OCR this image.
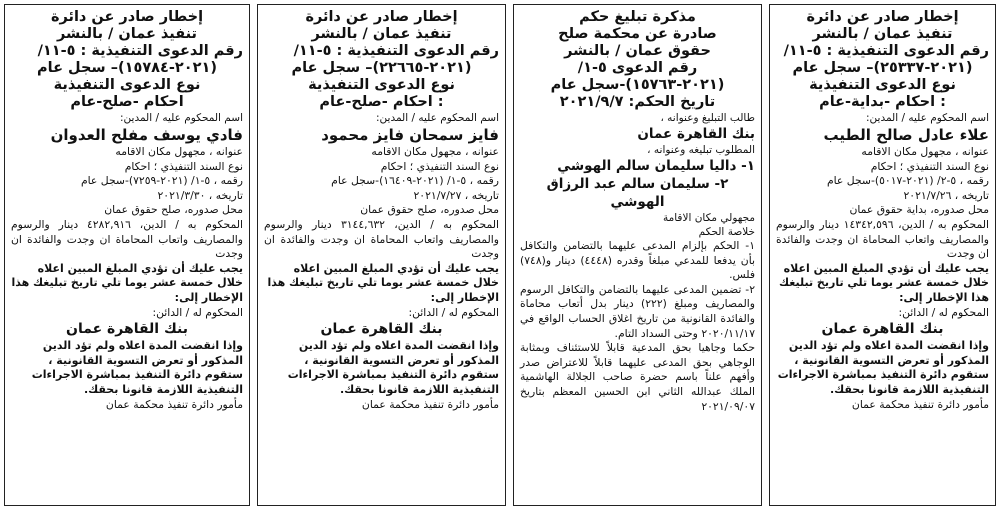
إخطار صادر عن دائرة
تنفيذ عمان / بالنشر
رقم الدعوى التنفيذية : ٥-١١/
(٢٠٢١-٢٥٣٣٧)– سجل عام
نوع الدعوى التنفيذية
: احكام -بداية-عام
اسم المحكوم عليه / المدين:
علاء عادل صالح الطيب
عنوانه ، مجهول مكان الاقامه
نوع السند التنفيذي ؛ احكام
رقمه ، ٥-٢/ (٢٠٢١-٥٠١٧)-سجل عام
تاريخه ، ٢٠٢١/٧/٢٦
محل صدوره، بداية حقوق عمان
المحكوم به / الدين، ١٤٣٤٢,٥٩٦ دينار والرسوم والمصاريف واتعاب المحاماة ان وجدت والفائدة ان وجدت
يجب عليك أن تؤدي المبلغ المبين اعلاه خلال خمسة عشر يوما تلي تاريخ تبليغك هذا الإخطار إلى:
المحكوم له / الدائن:
بنك القاهرة عمان
وإذا انقضت المدة اعلاه ولم تؤد الدين المذكور أو تعرض التسوية القانونية ، ستقوم دائرة التنفيذ بمباشرة الاجراءات التنفيذية اللازمة قانونا بحقك.
مأمور دائرة تنفيذ محكمة عمان
مذكرة تبليغ حكم
صادرة عن محكمة صلح
حقوق عمان / بالنشر
رقم الدعوى ٥-١/
(٢٠٢١-١٥٧٦٣)-سجل عام
تاريخ الحكم: ٢٠٢١/٩/٧
طالب التبليغ وعنوانه ،
بنك القاهرة عمان
المطلوب تبليغه وعنوانه ،
١- داليا سليمان سالم الهوشي
٢- سليمان سالم عبد الرزاق الهوشي
مجهولي مكان الاقامة
خلاصة الحكم
١- الحكم بإلزام المدعى عليهما بالتضامن والتكافل بأن يدفعا للمدعي مبلغاً وقدره (٤٤٤٨) دينار و(٧٤٨) فلس.
٢- تضمين المدعى عليهما بالتضامن والتكافل الرسوم والمصاريف ومبلغ (٢٢٢) دينار بدل أتعاب محاماة والفائدة القانونية من تاريخ اغلاق الحساب الواقع في ٢٠٢٠/١١/١٧ وحتى السداد التام.
حكما وجاهيا بحق المدعية قابلاً للاستئناف وبمثابة الوجاهي بحق المدعى عليهما قابلاً للاعتراض صدر وأفهم علناً باسم حضرة صاحب الجلالة الهاشمية الملك عبدالله الثاني ابن الحسين المعظم بتاريخ ٢٠٢١/٠٩/٠٧
إخطار صادر عن دائرة
تنفيذ عمان / بالنشر
رقم الدعوى التنفيذية : ٥-١١/
(٢٠٢١-٢٢٦٦٥)– سجل عام
نوع الدعوى التنفيذية
: احكام -صلح-عام
اسم المحكوم عليه / المدين:
فايز سمحان فايز محمود
عنوانه ، مجهول مكان الاقامه
نوع السند التنفيذي ؛ احكام
رقمه ، ٥-١/ (٢٠٢١-١٦٤٠٩)-سجل عام
تاريخه ، ٢٠٢١/٧/٢٧
محل صدوره، صلح حقوق عمان
المحكوم به / الدين، ٣١٤٤,٦٣٢ دينار والرسوم والمصاريف واتعاب المحاماة ان وجدت والفائدة ان وجدت
يجب عليك أن تؤدي المبلغ المبين اعلاه خلال خمسة عشر يوما تلي تاريخ تبليغك هذا الإخطار إلى:
المحكوم له / الدائن:
بنك القاهرة عمان
وإذا انقضت المدة اعلاه ولم تؤد الدين المذكور أو تعرض التسوية القانونية ، ستقوم دائرة التنفيذ بمباشرة الاجراءات التنفيذية اللازمة قانونا بحقك.
مأمور دائرة تنفيذ محكمة عمان
إخطار صادر عن دائرة
تنفيذ عمان / بالنشر
رقم الدعوى التنفيذية : ٥-١١/
(٢٠٢١-١٥٧٨٤)– سجل عام
نوع الدعوى التنفيذية
احكام -صلح-عام
اسم المحكوم عليه / المدين:
فادي يوسف مفلح العدوان
عنوانه ، مجهول مكان الاقامه
نوع السند التنفيذي ؛ احكام
رقمه ، ٥-١/ (٢٠٢١-٧٢٥٩)-سجل عام
تاريخه ، ٢٠٢١/٣/٣٠
محل صدوره، صلح حقوق عمان
المحكوم به / الدين، ٤٢٨٢,٩١٦ دينار والرسوم والمصاريف واتعاب المحاماة ان وجدت والفائدة ان وجدت
يجب عليك أن تؤدي المبلغ المبين اعلاه خلال خمسة عشر يوما تلي تاريخ تبليغك هذا الإخطار إلى:
المحكوم له / الدائن:
بنك القاهرة عمان
وإذا انقضت المدة اعلاه ولم تؤد الدين المذكور أو تعرض التسوية القانونية ، ستقوم دائرة التنفيذ بمباشرة الاجراءات التنفيذية اللازمة قانونا بحقك.
مأمور دائرة تنفيذ محكمة عمان
